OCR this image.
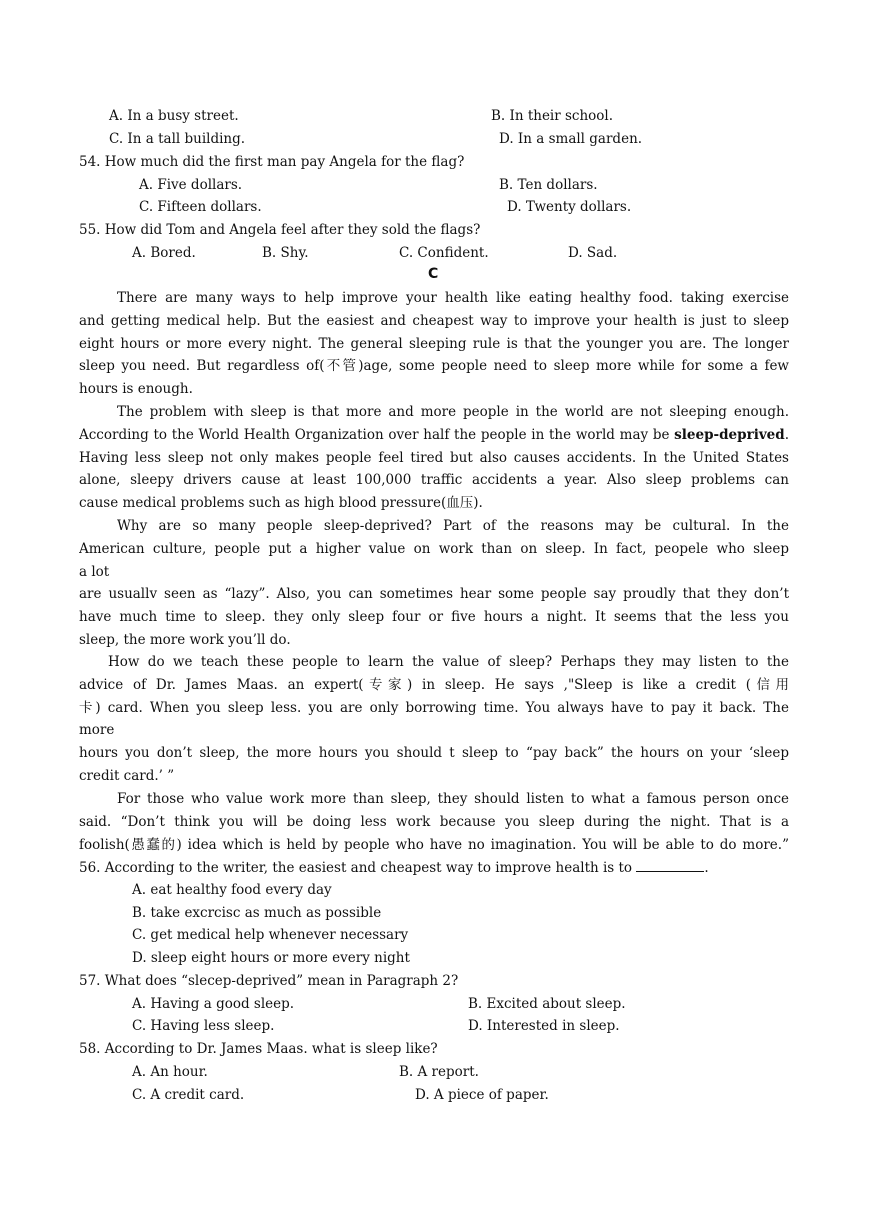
A. In a busy street.	B. In their school.
C. In a tall building.	D. In a small garden.
54. How much did the first man pay Angela for the flag?
A. Five dollars.	B. Ten dollars.
C. Fifteen dollars.	D. Twenty dollars.
55. How did Tom and Angela feel after they sold the flags?
A. Bored.	B. Shy.	C. Confident.	D. Sad.
C
There are many ways to help improve your health like eating healthy food. taking exercise
and getting medical help. But the easiest and cheapest way to improve your health is just to sleep
eight hours or more every night. The general sleeping rule is that the younger you are. The longer
sleep you need. But regardless of(不管)age, some people need to sleep more while for some a few
hours is enough.
The problem with sleep is that more and more people in the world are not sleeping enough.
According to the World Health Organization over half the people in the world may be sleep-deprived.
Having less sleep not only makes people feel tired but also causes accidents. In the United States
alone, sleepy drivers cause at least 100,000 traffic accidents a year. Also sleep problems can
cause medical problems such as high blood pressure(血压).
Why are so many people sleep-deprived? Part of the reasons may be cultural. In the
American culture, people put a higher value on work than on sleep. In fact, peopele who sleep
a lot
are usuallv seen as “lazy”. Also, you can sometimes hear some people say proudly that they don’t
have much time to sleep. they only sleep four or five hours a night. It seems that the less you
sleep, the more work you’ll do.
How do we teach these people to learn the value of sleep? Perhaps they may listen to the
advice of Dr. James Maas. an expert(专家) in sleep. He says ,"Sleep is like a credit (信用
卡) card. When you sleep less. you are only borrowing time. You always have to pay it back. The
more
hours you don’t sleep, the more hours you should t sleep to “pay back” the hours on your ‘sleep
credit card.’ ”
For those who value work more than sleep, they should listen to what a famous person once
said. “Don’t think you will be doing less work because you sleep during the night. That is a
foolish(愚蠢的) idea which is held by people who have no imagination. You will be able to do more.”
56. According to the writer, the easiest and cheapest way to improve health is to	.
A. eat healthy food every day
B. take excrcisc as much as possible
C. get medical help whenever necessary
D. sleep eight hours or more every night
57. What does “slecep-deprived” mean in Paragraph 2?
A. Having a good sleep.	B. Excited about sleep.
C. Having less sleep.	D. Interested in sleep.
58. According to Dr. James Maas. what is sleep like?
A. An hour.	B. A report.
C. A credit card.	D. A piece of paper.
